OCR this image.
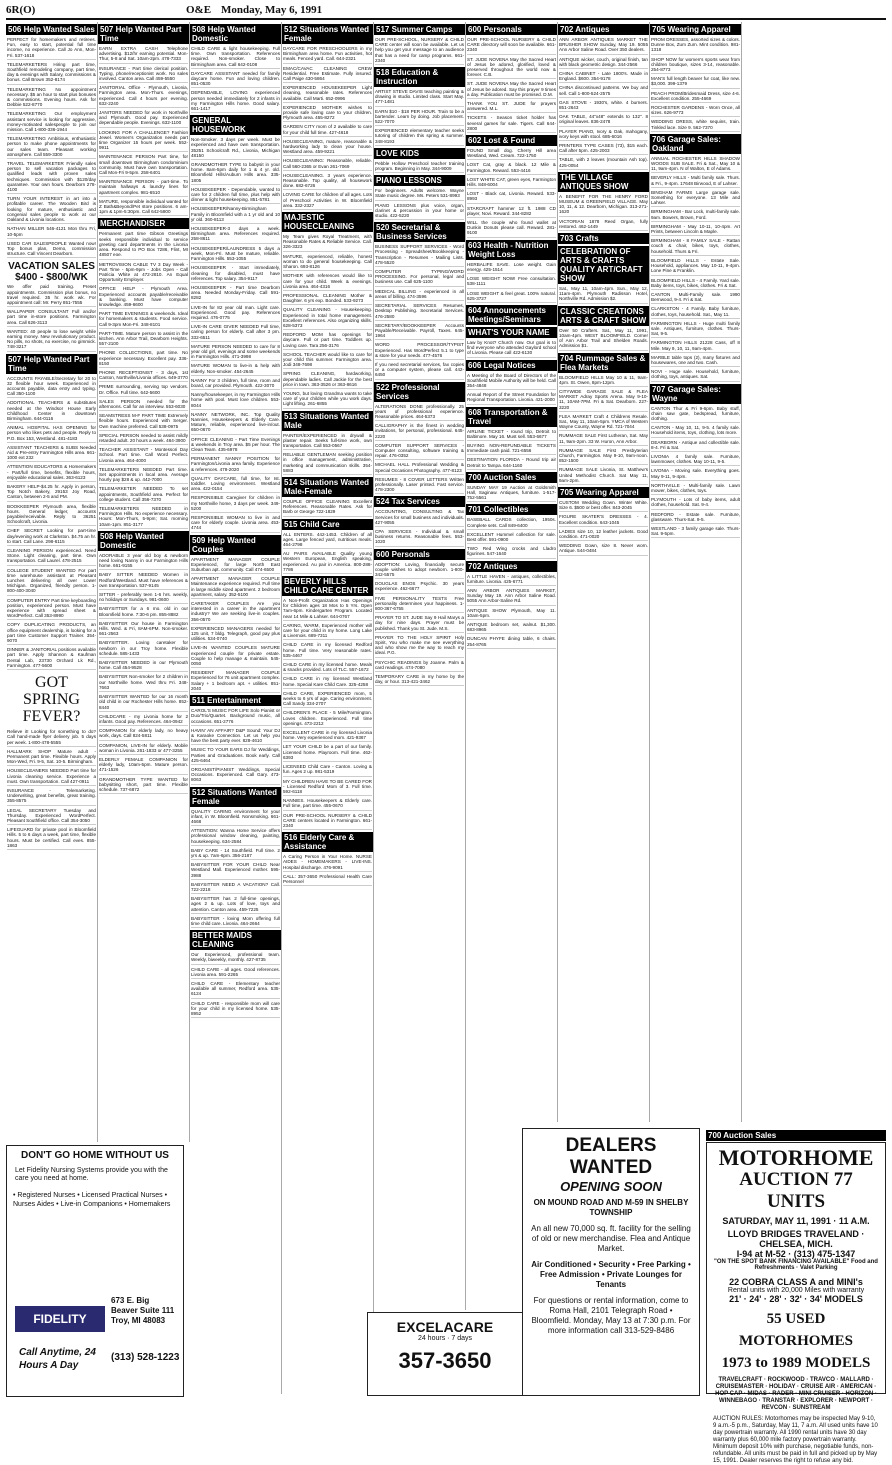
6R(O)	O&E Monday, May 6, 1991
506 Help Wanted Sales
PERFECT for homemakers and retirees. Fun, easy to start, potential full time income, no experience. Call Jo Ann, Mon-Fri. 537-1618
TELEMARKETERS Hiring part time, Southfield remodeling company, part time, day & evenings with Salary, commissions & bonus. Call Brown 352-8174
TELEMARKETING No appointment necessary. $5 an hour to start plus bonuses & commissions. Evening hours. Ask for Debbie 522-8770
TELEMARKETING Our employment assistant service is looking for aggressive, money-motivated salespeople to join our mission. Call 1-800-336-1944
TELEMARKETING Ambitious, enthusiastic person to make phone appointments for our sales team. Pleasant working atmosphere. Call 559-3300
TRAVEL TELEMARKETER Friendly sales person to sell vacation packages to qualified leads with proven sales techniques. Commission with $120/day quarantee. Your own hours. Dearborn 278-4100
TURN YOUR INTEREST in art into a profitable career. The Wooden Bird is looking for mature, enthusiastic and congenial sales people to work at our Oakland & Livonia locations.
NATHAN MILLER 546-4121 Mon thru Fri, 10-5pm
USED CAR SALESPEOPLE Wanted now! Top bonus plan, Demo, commission structure. Call Vincent Dearborn.
VACATION SALES $400 - $800/WK
We offer paid training. Preset appointments. Commission plus bonus, no travel required. 35 hr. work wk. For appointment call: Mr. Perry 851-7555
WALLPAPER CONSULTANT Full and/or part time in-store positions. Farmington area. Call 626-3113
WANTED: 40 people to lose weight while earning money. New revolutionary product. No pills, no shots, no exercise, no gimmick. 748-3217
507 Help Wanted Part Time
ACCOUNTS PAYABLE/Secretary for 20 to 32 flexible hour week. Experienced in accounts payable, data entry and typing. Call 350-1100
ADDITIONAL TEACHERS & substitutes needed at the Windsor House Early Childhood Center in downtown Birmingham. 644-0116
ANIMAL HOSPITAL HAS OPENING for person who likes pets and people. Reply to P.O. Box 153, Westland. 481-4183
ASSISTANT TEACHERS & SUBS Needed Aid & Pre-entry Farmington Hills area. 661-1000 ext 232
ATTENTION EDUCATORS & Homemakers - Part/full time, benefits, flexible hours, enjoyable educational sales. 363-6123
BAKERY HELP-$4.25 hr. Apply in person, Top Notch Bakery, 29153 Joy Road, Canton, between 2-5 and PM.
BOOKKEEPER Plymouth area, flexible hours. General ledger, accounts payable/receivable. Reply to 36251 Schoolcraft, Livonia.
CHEF SECRET Looking for part-time day/evening work at Clarkston. $4.75 an hr. to start. Call Lane. 298-6115
CLEANING PERSON experienced. Need Stone. Light cleaning, part time. Own transportation. Call Laurel. 478-2515
COLLEGE STUDENT WANTED For part time warehouse assistant at Pleasant Lunches delivering all over Lower Michigan. Organized, friendly person. 1-800-400-3040
COMPUTER ENTRY Part time keyboarding position, experienced person. Must have experience with spread sheet & WordPerfect. Call 353-8990
COPY DUPLICATING PRODUCTS, an office equipment dealership, is looking for a part time Customer Support Trainer. 354-9070
DINNER & JANITORIAL positions available part time. Apply Shannon & Kaufman Dental Lab, 23730 Orchard Lk Rd., Farmington. 477-5600
GOT SPRING FEVER?
Relieve it! Looking for something to do? Call hand-made flyer delivery job. 5 days per week. 1-800-478-5555
HALLMARK SHOP Mature adult - Permanent part time. Flexible hours. Apply Mon-Wed, Fri. 9-5, Sat. 10-5. Birmingham.
HOUSECLEANERS NEEDED Part time for Livonia cleaning service. Experience a must. Own transportation. Call 427-0911
INSURANCE - Telemarketing. Underwriting, great benefits, great training. 355-8575
LEGAL SECRETARY Tuesday and Thursday. Experienced WordPerfect. Pleasant Southfield office. Call 354-3050
LIFEGUARD for private pool in Bloomfield Hills. 5 to 6 days a week, part time, flexible hours. Must be certified. Call eves. 855-1863
507 Help Wanted Part Time
EARN EXTRA CASH Telephone advertising. $12/hr earning potential. Mon-Thur, 5-8 and Sat. 10am-2pm. 478-7333
INSURANCE - Part time clerical position. Typing, phone/receptionist work. No sales involved. Canton area. Call 459-5550
JANITORIAL Office - Plymouth, Livonia, Farmington area. Mon-Thurs. evenings, experienced. Call 4 hours per evening. 632-2240
JANITORS NEEDED for work in Northville and Plymouth. Good pay. Experienced dependable people. Evenings. 632-1100
LOOKING FOR A CHALLENGE? Fashion Jewel. Women's Organization needs part time Organizer 15 hours per week. 552-9911
MAINTENANCE PERSON Part time, for small downtown Birmingham condominium community. Must have own transportation. Call Mon-Fri 9-5pm. 258-6401
MAINTENANCE PERSON - part-time. To maintain hallways & laundry lines for apartment complex. 981-6510
MATURE, responsible individual wanted for Z Bath&Beyond/Pet store positions. 6 am-1pm & 1pm-5:30pm. Call 642-5800
MERCHANDISER
Permanent part time Gibson Greetings seeks responsible individual to service greeting card departments in the Livonia area. Respond to PO Box 7286, Flint, MI 48507 eoe.
METROVISION CABLE TV 3 Day Week - Part Time - 5pm-9pm - Jobs Open - Call Patricia White at 472-2810. An Equal Opportunity Employer.
OFFICE HELP - Plymouth Area. Experienced accounts payable/receivable & banking. Must have computer knowledge. 459-6600
PART TIME EVENINGS & weekends. Ideal for homemakers & students. Food service. Call 9-3pm Mon-Fri. 348-8101
PART-TIME. Mature person to assist in the kitchen. Ann Arbor Trail, Dearborn Heights. 557-2100
PHONE COLLECTIONS, part time. No experience necessary. Excellent pay. 336-8150
PHONE RECEPTIONIST - 3 days, 1st Canton, Northville/Livonia offices. 649-3770
PRIME surrounding, serving top vendors. Dr. Office. Full time. 642-5600
SALES PERSON needed for the afternoons. Call for an interview. 553-6030
SEAMSTRESS M-F PART TIME Extremely flexible hours. Experienced with Serger. Own machine preferred. Call 538-0975
SPECIAL PERSON needed to assist mildly retarded adult. 20 hours a week. 464-3900
TEACHER ASSISTANT - Montessori Day School. Part time. Call Word Perfect. Livonia area. 464-4000
TELEMARKETERS NEEDED Part time. Set appointments in local area. Average hourly pay $28 & up. 442-7000
TELEMARKETER NEEDED To set appointments, Southfield area. Perfect for college student. Call 356-7370
TELEMARKETERS NEEDED in Farmington Hills. No experience necessary. Hours: Mon-Thurs, 5-9pm; Sat. morning 10am-1pm. 851-3177
508 Help Wanted Domestic
ADORABLE 3 year old boy & newborn need loving Nanny in our Farmington Hills home. 661-9155
BABY SITTER NEEDED Women in Redford/Westland. Must have references & own transportation. 537-9145
SITTER - preferably teen 1-6 hrs. weekly, no holidays or Sundays. 981-0600
BABYSITTER for a 6 mo. old in our Bloomfield home. 7:30-6 pm. 855-8882
BABYSITTER Our house in Farmington Hills. Wed. & Fri, 8AM-6PM. Non-smoker. 661-2563
BABYSITTER. Loving caretaker for newborn in our Troy home. Flexible schedule. 585-1433
BABYSITTER NEEDED in our Plymouth home. Call 454-9528
BABYSITTER Non-smoker for 2 children in our Northville home. Wed thru Fri. 348-7663
BABYSITTER WANTED for our 16 month old child in our Rochester Hills home. 852-8440
CHILDCARE - my Livonia home for 2 infants. Good pay. References. 464-0942
COMPANION for elderly lady, no heavy work, days. Call 824-5811
COMPANION, LIVE-IN for elderly. Mobile woman in Livonia. 261-1833 or 477-3255
ELDERLY FEMALE COMPANION for elderly lady, 10am-5pm. Mature person. 471-1526
GRANDMOTHER TYPE WANTED for babysitting short, part time. Flexible schedule. 737-6872
508 Help Wanted Domestic
CHILD CARE & light housekeeping. Full time. Own transportation. References required. Non-smoker. Close to Birmingham area. Call 642-0108
DAYCARE ASSISTANT needed for family daycare home. Fun and loving children. 851-0530
DEPENDABLE, LOVING experienced person needed immediately for 2 infants in my Farmington Hills home. Good salary. 661-1417
GENERAL HOUSEWORK
Non-Smoker. 3 days per week. Must be experienced and have own transportation. 35251 Schoolcraft Rd., Livonia, Michigan 48150
GRANDMOTHER TYPE to babysit in your home. 8am-5pm daily for 1 & 4 yr. old. Bloomfield Hills/Auburn Hills area. 335-1805
HOUSEKEEPER - Dependable, wanted to care for 2 children full time, plus help with dinner & light housekeeping. 851-5781
HOUSEKEEPER/Nanny-Birmingham Family in Bloomfield with a 1 yr old and 10 yr old. 360-8113
HOUSEKEEPER-3 days a week. Birmingham area. References required. 258-8611
HOUSEKEEPER/LAUNDRESS 5 days a week, Mon-Fri. Must be mature, reliable. Farmington Hills. 553-1055
HOUSEKEEPER - Start immediately, cleaning for disabled, must have references. Top salary. 354-9117
HOUSEKEEPER - Part time Dearborn area. Needed Monday-Friday. Call 591-8282
LIVE-IN for 82 year old man. Light care. Experienced. Good pay. References required. 476-0775
LIVE-IN CARE GIVER NEEDED Full time, caring person for elderly. Call after 3 pm. 332-6511
MATURE PERSON NEEDED to care for 8 year old girl, evenings and some weekends in Farmington Hills. 471-3998
MATURE WOMAN to live-in & help with elderly. Non-smoker. 454-2645
NANNY For 3 children, full time, room and board, car provided. Plymouth. 422-3070
Nanny/housekeeper, in my Farmington Hills home with pool. Must love children. 553-8044
NANNY NETWORK, INC. Top Quality Nannies, Housekeepers & Elderly Care. Mature, reliable, experienced live-in/out. 650-0670
OFFICE CLEANING - Part Time Evenings & weekends in Troy area. $5 per hour. The Clean Team. 435-6978
PERMANENT NANNY POSITION for Farmington/Livonia area family. Experience & references. 478-2020
QUALITY DAYCARE, full time, for Ist. toddler. Loving environment. Westland area. 422-0154
RESPONSIBLE Caregiver for children in my Northville home, 3 days per week. 349-5200
RESPONSIBLE WOMAN to live in and care for elderly couple. Livonia area. 453-4744
509 Help Wanted Couples
APARTMENT MANAGER COUPLE Experienced, for large North East Suburban apt. community. Call 474-6500
APARTMENT MANAGER COUPLE Maintenance experience required. Full time in large middle sized apartment. 2 bedroom apartment, salary. 352-5100
CARETAKER COUPLES Are you interested in a career in the apartment industry? We are seeking live-in couples. 356-0570
EXPERIENCED MANAGERS needed for 125 unit, 7 bldg. Telegraph, good pay plus utilities. 534-0740
LIVE-IN WANTED COUPLES MATURE experienced couple for private estate. Couple to help manage & maintain. 545-0050
RESIDENT MANAGER COUPLE Experienced for 76 unit apartment complex. Salary + 1 bedroom apt. + utilities. 851-2040
511 Entertainment
CAROL'S MUSIC FOR LIFE Solo Pianist or Duo/Trio/Quartet. Background music, all occasions. 651-2776
HAVIN' AN AFFAIR? D&P Sound: Your DJ & Karaoke Connection. Let us help you have the best party ever. 828-4610
MUSIC TO YOUR EARS DJ for Weddings, Parties and Graduations. Book early. Call 425-6464
ORGANIST/PIANIST Weddings, Special Occasions. Experienced. Call Gary. 473-8063
512 Situations Wanted Female
QUALITY CARING environment for your infant, in W. Bloomfield. Nonsmoking. 661-4668
ATTENTION: Wanna Home Service offers professional window cleaning, painting, housekeeping. 634-2584
BABY CARE - 14 Southfield. Full time. 2 yrs & up. 7am-6pm. 356-2187
BABYSITTER FOR YOUR CHILD Near Westland Mall. Experienced mother. 595-3988
BABYSITTER NEED A VACATION? Call. 722-2218
BABYSITTER has 2 full-time openings, ages 2 & up. Lots of love, toys and attention. Canton area. 459-7225
BABYSITTER - loving Mom offering full time child care. Livonia. 464-2664
BETTER MAIDS CLEANING
Our Experienced, professional team. Weekly, biweekly, monthly. 427-8735
CHILD CARE - all ages. Good references. Livonia area. 591-2265
CHILD CARE - Elementary teacher available all summer, Redford area. 535-6124
CHILD CARE - responsible mom will care for your child in my licensed home. 535-8952
512 Situations Wanted Female
DAYCARE FOR PRESCHOOLERS in my Birmingham area home. Fun activities, hot meals. Fenced yard. Call. 644-2321
EMAC/CAVAC CLEANING CREW Residential. Free Estimate. Fully insured. Call Paige 430-5864
EXPERIENCED HOUSEKEEPER Light cleaning, reasonable rates. References available. Call Marti. 652-0996
EXPERIENCED MOTHER wishes to provide safe loving care to your children. Plymouth area. 455-8272
GARDEN CITY mom of 2 available to care for your child full time. 427-4618
HOUSECLEANING, mature, reasonable & hardworking lady to clean your house. Westland area. 459-9221
HOUSECLEANING: Reasonable, reliable. Call 560-2365 or Evan 261-7069
HOUSECLEANING. 3 years experience. Reasonable. Top quality, all housework done. 682-6726
LOVING CARE for children of all ages. Lots of Preschool Activities in W. Bloomfield area. 332-2327
MAJESTIC HOUSECLEANING
My Team gives Royal Treatment, with Reasonable Rates & Reliable Service. Call. 326-3323
MATURE, experienced, reliable, honest woman to do general housekeeping. Call Sharon. 693-8126
MOTHER with references would like to care for your child. Week & evenings. Livonia area. 464-4316
PROFESSIONAL CLEANING Mother & Daughter. 6 yrs exp. Bonded. 533-9273
QUALITY CLEANING - Housekeeping. Experienced in total home management. Excellent references. Also organizing skills. 628-5373
REDFORD MOM has openings for daycare. Full or part time. Toddlers up. Loving care. Tara 256-3176
SCHOOL TEACHER would like to care for your child this summer. Farmington area. Jodi 348-7698
SPRING CLEANING, hardworking, dependable ladies. Call Jackie for the best price in town. 363-3526 or 363-8616
YOUNG, but loving Grandma wants to take care of your children while you work days. Light lifting. 261-6855
513 Situations Wanted Male
PAINTER/EXPERIENCED in drywall & plaster repair. Seeks full-time work, own transportation. Call 553-0567
RELIABLE GENTLEMAN seeking position in office management, administrative, marketing and communication skills. 354-5883
514 Situations Wanted Male-Female
COUPLE OFFICE CLEANING Excellent References. Reasonable Rates. Ask for Barb or George 722-1829
515 Child Care
ALL ENTERS. 442-1453. Children of all ages. Large fenced yard, nutritious meals. 464-2798
AU PAIRS AVAILABLE Quality young Western European, English speaking, experienced. Au pair in America. 800-288-7786
BEVERLY HILLS CHILD CARE CENTER
A Non-Profit Organization Has Openings for Children ages 18 Mos to 5 Yrs. Open 7am-6pm. Kindergarten Program. Located near 14 Mile & Lahser. 644-0767
CARING, WARM, Experienced mother will care for your child in my home. Long Lake & Livernois. 689-7311
CHILD CARE in my licensed Redford home. Full time. Very reasonable rates. 535-4467
CHILD CARE in my licensed home. Meals & snacks provided. Lots of TLC. 557-1672
CHILD CARE in my licensed Westland home. Special Kare Child Care. 325-4258
CHILD CARE, EXPERIENCED mom, 5 weeks to 6 yrs of age. Caring environment. Call Sandy 334-2707
CHILDREN'S PLACE - 5 Mile/Farmington. Loves children. Experienced. Full time openings. 473-2212
EXCELLENT CARE in my licensed Livonia home. Very experienced mom. 421-9367
LET YOUR CHILD be a part of our family. Licensed home. Playroom. Full time. 462-6393
LICENSED Child Care - Canton. Loving & fun. Ages 2 up. 981-5319
MY CHILDREN HAVE TO BE CARED FOR - Licensed Redford Mom of 3. Full time. 592-6118
NANNIES. Housekeepers & Elderly care. Full time, part time. 455-0670
OUR PRE-SCHOOL NURSERY & CHILD CARE centers located in Farmington. 661-2340
516 Elderly Care & Assistance
A Caring Person in Your Home. NURSE AIDES - HOMEMAKERS - LIVE-INS. Hospital discharge. 476-9091
CALL: 357-3650 Professional Health Care Personnel
517 Summer Camps
OUR PRE-SCHOOL, NURSERY & CHILD CARE center will soon be available. Let us help you get your message to an audience that has a need for camp programs. 661-2340
518 Education & Instruction
ARTIST STEVE DAVIS teaching painting & drawing in studio. Limited class. Start May. 477-1481
EARN $10 - $18 PER HOUR. Train to be a bartender. Learn by doing. Job placement. 522-7070
EXPERIENCED elementary teacher seeks tutoring of children this spring & summer. 348-8193
LOVE KIDS
Pebble Hollow Preschool teacher training program. Beginning in May. 344-9009
PIANO LESSONS
For beginners. Adults welcome. Wayne State music degree. Ms. Peters 531-8993
PIANO LESSONS plus voice, organ, clarinet & percussion in your home or studio. 422-5220
520 Secretarial & Business Services
BUSINESS SUPPORT SERVICES - Word Processing - Spreadsheet/Bookkeeping - Transcription - Resumes - Mailing Lists. 478-5520
COMPUTER TYPING/WORD PROCESSING. For personal, legal and business use. Call 625-1100
MEDICAL BILLING - experienced in all areas of billing. 474-3596
SECRETARIAL SERVICES Resumes, Desktop Publishing. Secretarial Services. 476-2580
SECRETARY/BOOKKEEPER Accounts Payable/Receivable. Payroll, Taxes. 645-1964
WORD PROCESSOR/TYPIST Experienced. Has WordPerfect 5.1 to type & store for your needs. 477-4576
If you need secretarial services, fax copies or a computer system, please call. 442-6450
522 Professional Services
ALTERATIONS DONE professionally. 25 years of professional experience. Reasonable prices. 464-5373
CALLIGRAPHY is the finest in wedding invitations, for personal, professional. 645-2220
COMPUTER SUPPORT SERVICES - Computer consulting, software training & repair. 476-0352
MICHAEL HALL Professional Wedding & Special Occasions Photography. 477-8123
RESUMES - 8 COVER LETTERS Written professionally. Laser printed. Fast service. 478-2300
524 Tax Services
ACCOUNTING, CONSULTING & Tax Services for small business and individuals. 427-9055
CPA SERVICES - Individual & small business returns. Reasonable fees. 553-1020
600 Personals
ADOPTION: Loving, financially secure couple wishes to adopt newborn. 1-800-342-5575
DOUGLAS ENOS Psychic. 30 years experience. 462-6677
FIVE PERSONALITY TESTS Free personality determines your happiness. 1-800-367-6755
PRAYER TO ST. JUDE Say 9 Hail Marys a day for nine days. Prayer must be published. Thank you St. Jude. M.S.
PRAYER TO THE HOLY SPIRIT Holy Spirit, You who make me see everything and who show me the way to reach my ideal. P.G.
PSYCHIC READINGS by Joanne. Palm & card readings. 474-7080
TEMPORARY CARE in my home by the day, or hour. 313-421-3462
600 Personals
OUR PRE-SCHOOL NURSERY & CHILD CARE directory will soon be available. 661-2340
ST. JUDE NOVENA May the Sacred Heart of Jesus be adored, glorified, loved & preserved throughout the world now & forever. C.B.
ST. JUDE NOVENA May the Sacred Heart of Jesus be adored. Say this prayer 9 times a day. Publication must be promised. D.M.
THANK YOU ST. JUDE for prayers answered. M.L.
TICKETS - Season ticket holder has several games for sale. Tigers. Call 644-2800
602 Lost & Found
FOUND Small dog. Cherry Hill area Westland, Wed. Cream. 722-1750
LOST Cat, gray & black. 12 Mile & Farmington. Reward. 553-4416
LOST WHITE CAT, green eyes, Farmington Hills. 848-6004
LOST - Black cat, Livonia. Reward. 533-8993
STARCRAFT hammer 12 ft. 1988 CD player, Novi. Reward. 344-8282
WILL the couple who found wallet at Dunkin Donuts please call. Reward. 281-9100
603 Health - Nutrition Weight Loss
HERBALIFE SAVE. Lose weight. Gain energy. 425-1514
LOSE WEIGHT NOW! Free consultation. 538-1111
LOSE WEIGHT & feel great. 100% natural. 625-3727
604 Announcements Meetings/Seminars
WHAT'S YOUR NAME
Law by Knot? Church now. Our goal is to find everyone who attended Gaylord school of Livonia. Please call 422-6130
606 Legal Notices
A Meeting of the Board of Directors of the Southfield Mobile Authority will be held. Call 354-4848
Annual Report of the Street Foundation for Regional Transportation. Livonia. 421-2000
608 Transportation & Travel
AIRLINE TICKET - round trip, Detroit to Baltimore. May 16. Must sell. 553-6677
BUYING NON-REFUNDABLE TICKETS Immediate cash paid. 721-6556
DESTINATION FLORIDA - Round trip air Detroit to Tampa. 644-1160
700 Auction Sales
SUNDAY MAY 19 Auction at Goldsmith Hall, Saginaw. Antiques, furniture. 1-517-752-5561
701 Collectibles
BASEBALL CARDS collection, 1950s. Complete sets. Call 849-6400
EXCELLENT Hummel collection for sale. Best offer. 591-0900
TWO Red Wing crocks and Lladro figurines. 547-1640
702 Antiques
A LITTLE HAVEN - antiques, collectibles, furniture. Livonia. 425-6771
ANN ARBOR ANTIQUES MARKET, Sunday May 19. Ann Arbor Saline Road. 5055 Ann Arbor-Saline Rd.
ANTIQUE SHOW Plymouth, May 11. 10am-5pm.
ANTIQUE bedroom set, walnut. $1,300. 683-8965
DUNCAN PHYFE dining table, 6 chairs. 254-8765
702 Antiques
ANN ARBOR ANTIQUES MARKET THE BRUSHER SHOW Sunday, May 19. 5055 Ann Arbor Saline Road. Over 350 dealers.
ANTIQUE wicker, couch, original finish, tan with black geometric design. 344-2566
CHINA CABINET - Late 1800's. Made in England. $600. 354-9178
CHINA discontinued patterns. We buy and sell. Call 1-800-524-2575
GAS STOVE - 1930's, white. 4 burners. 851-2643
OAK TABLE, 44"x48" extends to 132". 8 original leaves. 836-2478
PLAYER PIANO, Ivory & Oak, mahogany, ivory keys with stool. 685-6016
PRINTERS TYPE CASES (73), $15 each. Call after 5pm. 425-2003
TABLE, with 2 leaves (mountain Ash top). 425-0054
THE VILLAGE ANTIQUES SHOW
A BENEFIT FOR THE HENRY FORD MUSEUM & GREENFIELD VILLAGE. May 10, 11, & 12. Dearborn, Michigan. 313-271-1620
VICTORIAN 1878 Reed Organ, fully restored. 462-1449
703 Crafts
CELEBRATION OF ARTS & CRAFTS QUALITY ART/CRAFT SHOW
Sat., May 11, 10am-4pm. Sun., May 12, 11am-4pm. Plymouth Radisson Hotel, Northville Rd. Admission $2.
CLASSIC CREATIONS ARTS & CRAFT SHOW
Over 50 Crafters. Sat., May 11, 1991, 10am-4pm. WEST BLOOMFIELD. Corner of Ann Arbor Trail and Shelden Roads. Admission $1.
704 Rummage Sales & Flea Markets
BLOOMFIELD HILLS May 10 & 11, 9am-4pm. St. Owen, 8pm-12pm.
CITYWIDE GARAGE SALE & FLEA MARKET Adray Sports Arena. May 9-10-11, 10AM-7PM. Fri & Sat. Dearborn. 227-3220
FLEA MARKET Craft 4 Childrens Resale. Sat., May 11, 10am-5pm. YMCA of Western Wayne County, Wayne Rd. 721-7044
RUMMAGE SALE First Lutheran, Sat. May 11, 9am-2pm. 33 W. Huron, Ann Arbor.
RUMMAGE SALE First Presbyterian Church, Farmington. May 9-10, 9am-noon. 852-1500
RUMMAGE SALE Livonia, St. Matthew's United Methodist Church. Sat May 11, 9am-2pm.
705 Wearing Apparel
CUSTOM Wedding Gown. Winter White. Size 6. $500 or best offer. 843-2045
FIGURE SKATER'S DRESSES - 4. Excellent condition. 643-1045
LADIES size 10, 12 leather jackets. Good condition. 471-0020
WEDDING Gown, size 8. Never worn. Antique. 544-0484
705 Wearing Apparel
PROM DRESSES, assorted sizes & colors. Dunne Box, Zum Zum. Mint condition. 981-1318
SHOP NOW for women's sports wear from children boutique, sizes 3-14, reasonable. 254-8773
MAN'S full length beaver fur coat, like new. $3,000. 399-1379
PEACH PROM/Bridesmaid Dress, size 4-6. Excellent condition. 255-4669
ROCHESTER GARDENS - Worn Once, all sizes. 626-9773
WEDDING DRESS, white sequins, train. Tinkled lace. Size 9. 562-7370
706 Garage Sales: Oakland
ANNUAL ROCHESTER HILLS SHADOW WOODS SUB SALE. Fri & Sat., May 10 & 11, 9am-4pm. N of Walton, E of Adams.
BEVERLY HILLS - Multi family sale. Thurs. & Fri., 9-4pm. 17648 Birwood, E of Lahser.
BINGHAM FARMS Large garage sale. Something for everyone. 13 Mile and Lahser.
BIRMINGHAM - Bar Lock, multi-family sale. 9am. Bowers, Brown, Ford.
BIRMINGHAM - May 10-11, 10-4pm. Art Prints, between Lincoln & Maple.
BIRMINGHAM - 8 FAMILY SALE - Rattan couch & chair, bikes, toys, clothes, household. Thurs & Fri.
BLOOMFIELD HILLS - Estate Sale. Household, appliances. May 10-11, 9-4pm. Lone Pine & Franklin.
BLOOMFIELD HILLS - 4 Family. Yard sale. Baby items, toys, bikes, clothes. Fri & Sat.
CANTON Multi-Family sale. 1990 Bernwood, 9-4. Fri & Sat.
CLARKSTON - 4 Family. Baby furniture, clothes, toys, household. Sat., May 11.
FARMINGTON HILLS - Huge multi family sale. Antiques, furniture, clothes. Thurs-Sat, 9-5.
FARMINGTON HILLS 21228 Cass, off 8 Mile. May 9, 10, 11, 9am-4pm.
MARBLE table tops (2), many fixtures and housewares, one and two. Cash.
NOVI - Huge sale. Household, furniture, clothing, toys, antiques. Sat.
707 Garage Sales: Wayne
CANTON Thur & Fri 9-6pm. Baby stuff, chain saw gate, bedspread, furniture, clothing.
CANTON - May 10, 11, 9-5. 4 family sale. Household items, toys, clothing, lots more.
DEARBORN - Antique and collectible sale. 8-4. Fri & Sat.
LIVONIA 4 family sale. Furniture, lawnmower, clothes. May 10-11, 9-5.
LIVONIA - Moving sale. Everything goes. May 9-11, 9-4pm.
NORTHVILLE - Multi-family sale. Lawn mower, bikes, clothes, toys.
PLYMOUTH - Lots of baby items, adult clothes, household. Sat. 9-4.
REDFORD - Estate sale. Furniture, glassware. Thurs-Sat. 9-5.
WESTLAND - 3 family garage sale. Thurs-Sat. 9-5pm.
DON'T GO HOME WITHOUT US
Let Fidelity Nursing Systems provide you with the care you need at home.
• Registered Nurses • Licensed Practical Nurses • Nurses Aides • Live-in Companions • Homemakers
FIDELITY
673 E. Big Beaver Suite 111 Troy, MI 48083
Call Anytime, 24 Hours A Day
(313) 528-1223
EXCELACARE
24 hours · 7 days
357-3650
DEALERS WANTED
OPENING SOON
ON MOUND ROAD AND M-59 IN SHELBY TOWNSHIP
An all new 70,000 sq. ft. facility for the selling of old or new merchandise. Flea and Antique Market.
Air Conditioned • Security • Free Parking • Free Admission • Private Lounges for Tenants
For questions or rental information, come to Roma Hall, 2101 Telegraph Road • Bloomfield. Monday, May 13 at 7:30 p.m. For more information call 313-529-8486
700 Auction Sales
MOTORHOME
AUCTION 77 UNITS
SATURDAY, MAY 11, 1991 · 11 A.M.
LLOYD BRIDGES TRAVELAND · CHELSEA, MICH.
I-94 at M-52 · (313) 475-1347
"ON THE SPOT BANK FINANCING AVAILABLE" Food and Refreshments · Valet Parking
22 COBRA CLASS A and MINI's
Rental units with 20,000 Miles with warranty
21' · 24' · 28' · 32' · 34' MODELS
55 USED MOTORHOMES
1973 to 1989 MODELS
TRAVELCRAFT · ROCKWOOD · TRAVCO · MALLARD · CRUISEMASTER · HOLIDAY · CRUISE AIR · AMERICAN · HOP CAP · MIDAS · RADER · MINI CRUISER · HORIZON · WINNEBAGO · TRANSTAR · EXPLORER · NEWPORT · REVCON · SUNSTREAM
AUCTION RULES: Motorhomes may be inspected May 9-10, 9 a.m.-5 p.m., Saturday, May 11, 7 a.m. All used units have 10 day powertrain warranty. All 1990 rental units have 30 day warranty plus 60,000 mile factory powertrain warranty. Minimum deposit 10% with purchase, negotiable funds, non-refundable. All units must be paid in full and picked up by May 15, 1991. Dealer reserves the right to refuse any bid.
